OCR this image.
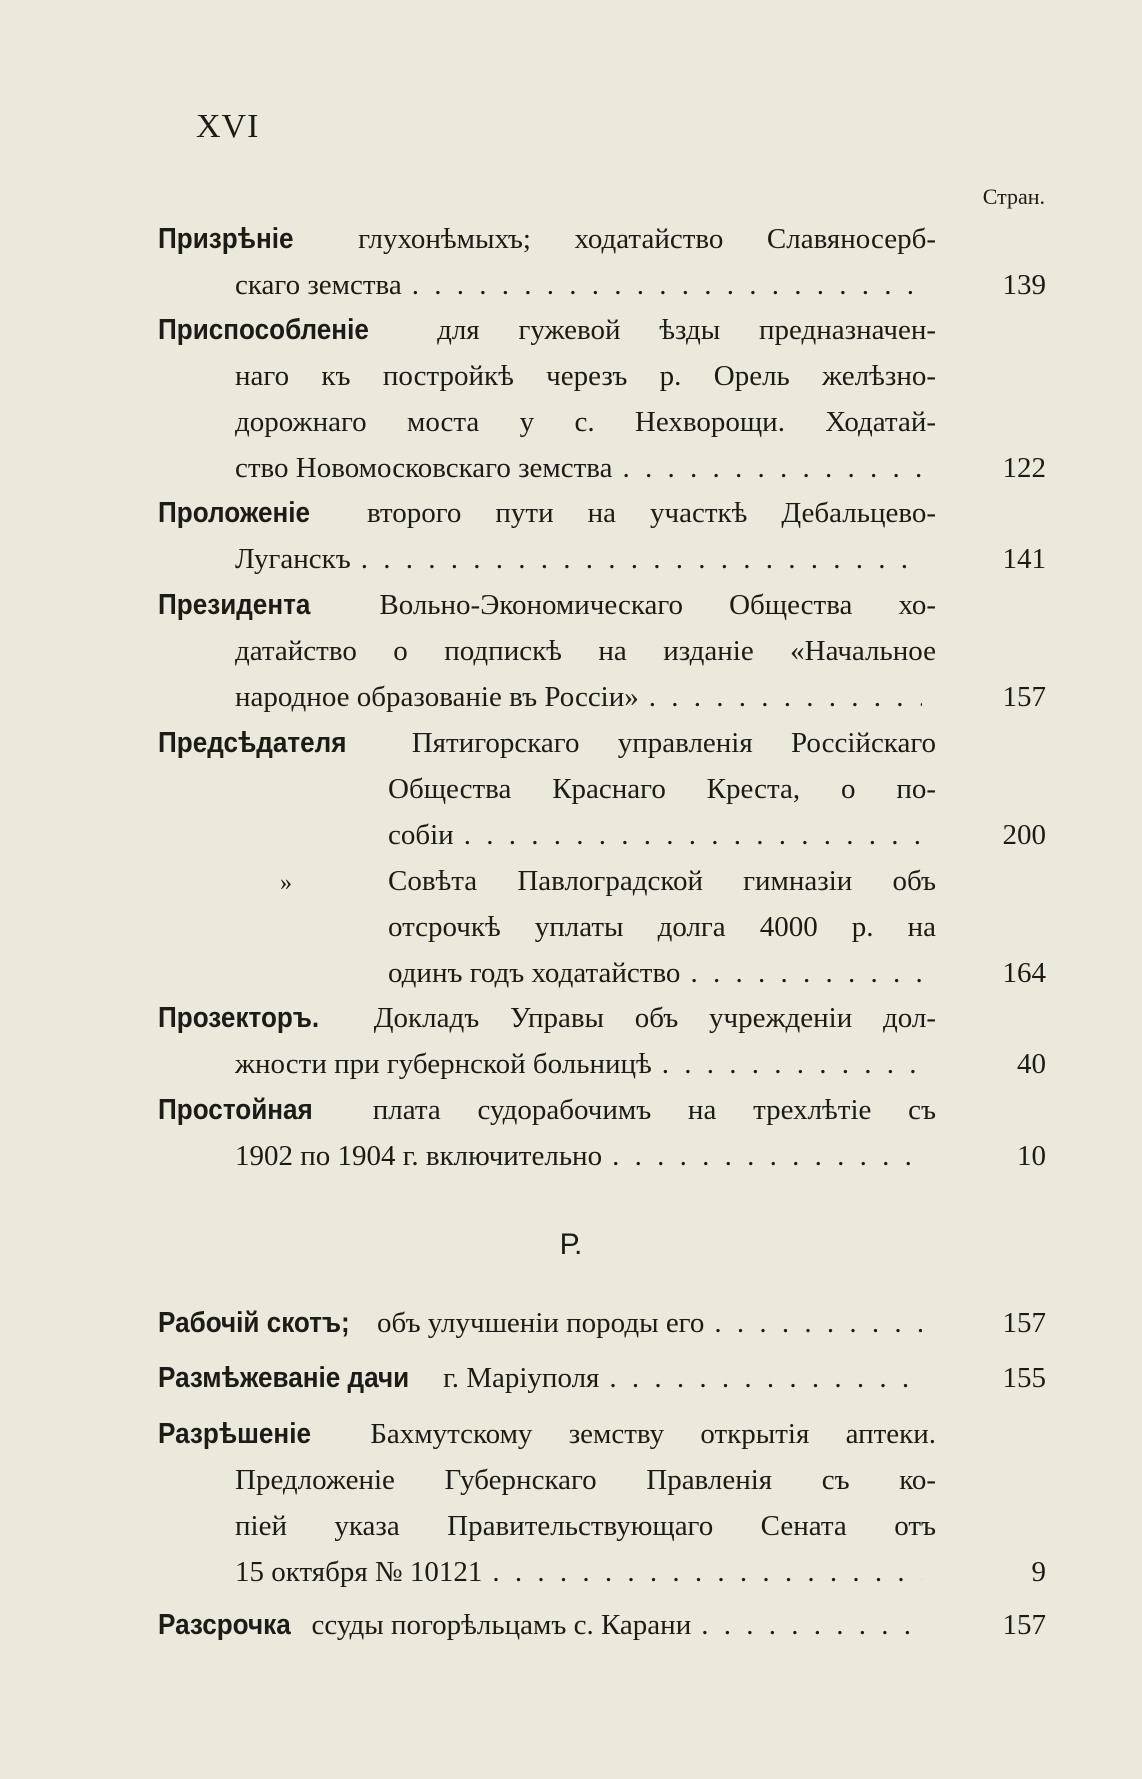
XVI
Стран.
Призрѣніе глухонѣмыхъ; ходатайство Славяносерб-
скаго земства . . .	139
Приспособленіе для гужевой ѣзды предназначен-
наго къ постройкѣ черезъ р. Орель желѣзно-
дорожнаго моста у с. Нехворощи. Ходатай-
ство Новомосковскаго земства . . .	122
Проложеніе второго пути на участкѣ Дебальцево-
Луганскъ . . .	141
Президента Вольно-Экономическаго Общества хо-
датайство о подпискѣ на изданіе «Начальное
народное образованіе въ Россіи» . . .	157
Предсѣдателя Пятигорскаго управленія Россійскаго
Общества Краснаго Креста, о по-
собіи . . .	200
»	Совѣта Павлоградской гимназіи объ
отсрочкѣ уплаты долга 4000 р. на
одинъ годъ ходатайство . . .	164
Прозекторъ. Докладъ Управы объ учрежденіи дол-
жности при губернской больницѣ . . .	40
Простойная плата судорабочимъ на трехлѣтіе съ
1902 по 1904 г. включительно . . .	10
Р.
Рабочій скотъ; объ улучшеніи породы его . . .	157
Размѣжеваніе дачи г. Маріуполя . . .	155
Разрѣшеніе Бахмутскому земству открытія аптеки.
Предложеніе Губернскаго Правленія съ ко-
піей указа Правительствующаго Сената отъ
15 октября № 10121 . . .	9
Разсрочка ссуды погорѣльцамъ с. Карани . . .	157
